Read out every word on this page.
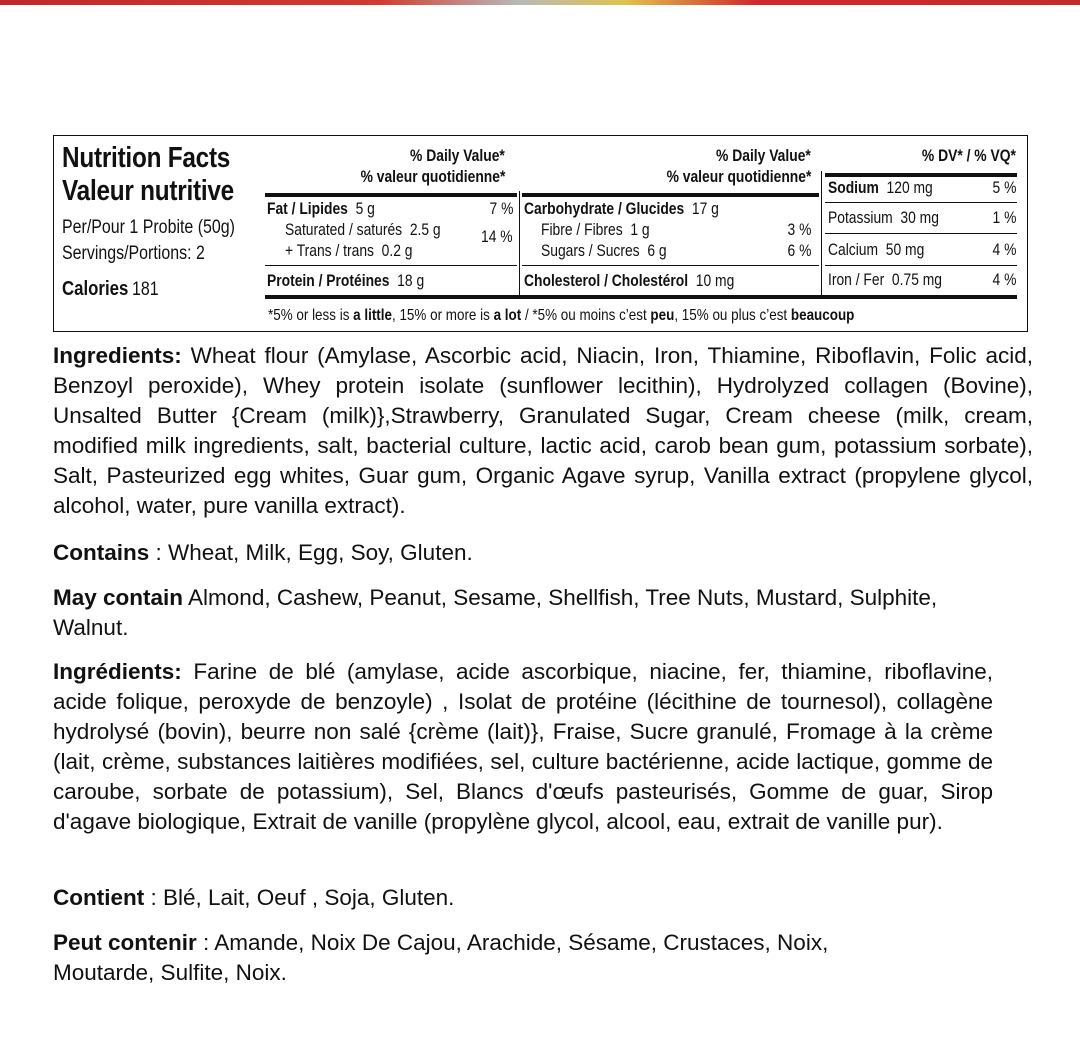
Nutrition Facts
Valeur nutritive
Per/Pour 1 Probite (50g)
Servings/Portions: 2
Calories 181
% Daily Value*
% valeur quotidienne*
% Daily Value*
% valeur quotidienne*
% DV* / % VQ*
Fat / Lipides 5 g	7 %
Saturated / saturés 2.5 g
+ Trans / trans 0.2 g
14 %
Protein / Protéines 18 g
Carbohydrate / Glucides 17 g
Fibre / Fibres 1 g	3 %
Sugars / Sucres 6 g	6 %
Cholesterol / Cholestérol 10 mg
Sodium 120 mg	5 %
Potassium 30 mg	1 %
Calcium 50 mg	4 %
Iron / Fer 0.75 mg	4 %
*5% or less is a little, 15% or more is a lot / *5% ou moins c’est peu, 15% ou plus c’est beaucoup

Ingredients: Wheat flour (Amylase, Ascorbic acid, Niacin, Iron, Thiamine, Riboflavin, Folic acid, Benzoyl peroxide), Whey protein isolate (sunflower lecithin), Hydrolyzed collagen (Bovine), Unsalted Butter {Cream (milk)},Strawberry, Granulated Sugar, Cream cheese (milk, cream, modified milk ingredients, salt, bacterial culture, lactic acid, carob bean gum, potassium sorbate), Salt, Pasteurized egg whites, Guar gum, Organic Agave syrup, Vanilla extract (propylene glycol, alcohol, water, pure vanilla extract).

Contains : Wheat, Milk, Egg, Soy, Gluten.

May contain Almond, Cashew, Peanut, Sesame, Shellfish, Tree Nuts, Mustard, Sulphite, Walnut.

Ingrédients: Farine de blé (amylase, acide ascorbique, niacine, fer, thiamine, riboflavine, acide folique, peroxyde de benzoyle) , Isolat de protéine (lécithine de tournesol), collagène hydrolysé (bovin), beurre non salé {crème (lait)}, Fraise, Sucre granulé, Fromage à la crème (lait, crème, substances laitières modifiées, sel, culture bactérienne, acide lactique, gomme de caroube, sorbate de potassium), Sel, Blancs d'œufs pasteurisés, Gomme de guar, Sirop d'agave biologique, Extrait de vanille (propylène glycol, alcool, eau, extrait de vanille pur).

Contient : Blé, Lait, Oeuf , Soja, Gluten.

Peut contenir : Amande, Noix De Cajou, Arachide, Sésame, Crustaces, Noix, Moutarde, Sulfite, Noix.
